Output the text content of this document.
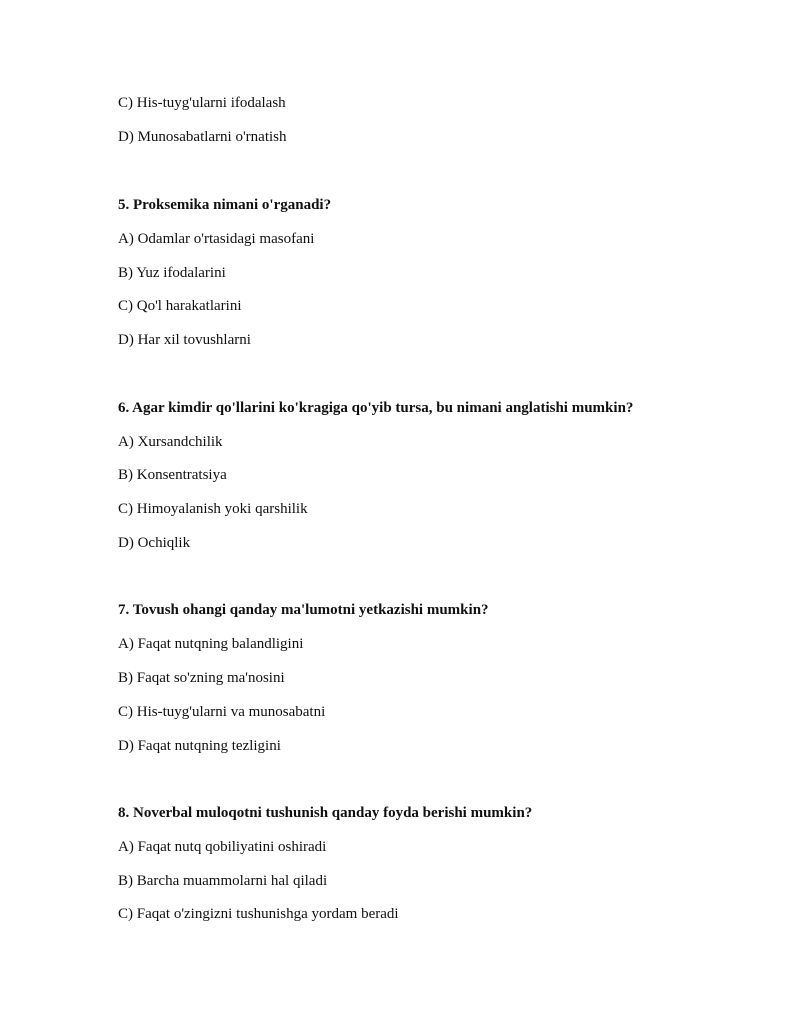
C) His-tuyg'ularni ifodalash
D) Munosabatlarni o'rnatish
5. Proksemika nimani o'rganadi?
A) Odamlar o'rtasidagi masofani
B) Yuz ifodalarini
C) Qo'l harakatlarini
D) Har xil tovushlarni
6. Agar kimdir qo'llarini ko'kragiga qo'yib tursa, bu nimani anglatishi mumkin?
A) Xursandchilik
B) Konsentratsiya
C) Himoyalanish yoki qarshilik
D) Ochiqlik
7. Tovush ohangi qanday ma'lumotni yetkazishi mumkin?
A) Faqat nutqning balandligini
B) Faqat so'zning ma'nosini
C) His-tuyg'ularni va munosabatni
D) Faqat nutqning tezligini
8. Noverbal muloqotni tushunish qanday foyda berishi mumkin?
A) Faqat nutq qobiliyatini oshiradi
B) Barcha muammolarni hal qiladi
C) Faqat o'zingizni tushunishga yordam beradi
